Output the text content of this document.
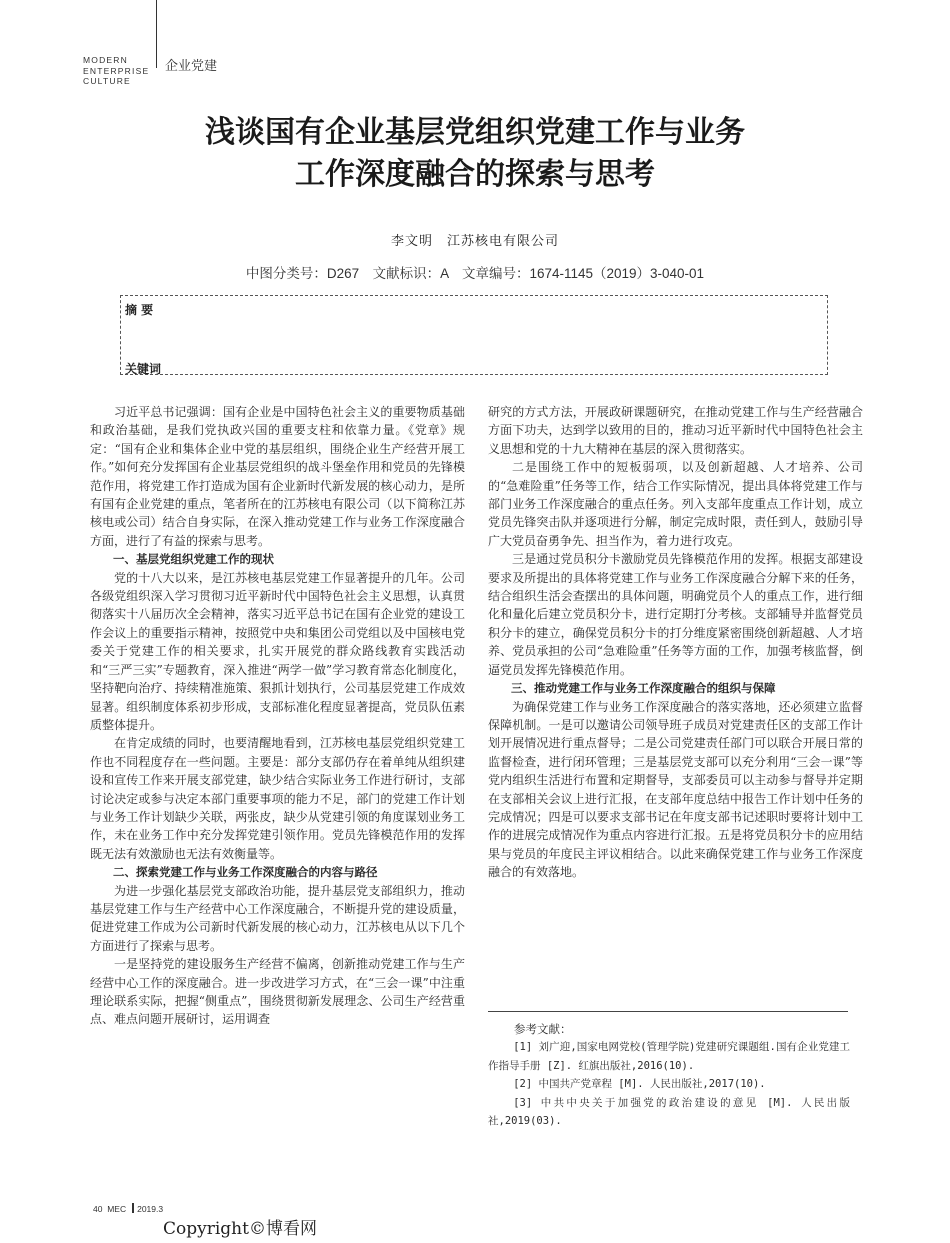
MODERN
ENTERPRISE
CULTURE
企业党建
浅谈国有企业基层党组织党建工作与业务
工作深度融合的探索与思考
李文明　江苏核电有限公司
中图分类号：D267　文献标识：A　文章编号：1674-1145（2019）3-040-01
摘 要
关键词

习近平总书记强调：国有企业是中国特色社会主义的重要物质基础和政治基础，是我们党执政兴国的重要支柱和依靠力量。《党章》规定：“国有企业和集体企业中党的基层组织，围绕企业生产经营开展工作。”如何充分发挥国有企业基层党组织的战斗堡垒作用和党员的先锋模范作用，将党建工作打造成为国有企业新时代新发展的核心动力，是所有国有企业党建的重点，笔者所在的江苏核电有限公司（以下简称江苏核电或公司）结合自身实际，在深入推动党建工作与业务工作深度融合方面，进行了有益的探索与思考。

一、基层党组织党建工作的现状

党的十八大以来，是江苏核电基层党建工作显著提升的几年。公司各级党组织深入学习贯彻习近平新时代中国特色社会主义思想，认真贯彻落实十八届历次全会精神，落实习近平总书记在国有企业党的建设工作会议上的重要指示精神，按照党中央和集团公司党组以及中国核电党委关于党建工作的相关要求，扎实开展党的群众路线教育实践活动和“三严三实”专题教育，深入推进“两学一做”学习教育常态化制度化，坚持靶向治疗、持续精准施策、狠抓计划执行，公司基层党建工作成效显著。组织制度体系初步形成，支部标准化程度显著提高，党员队伍素质整体提升。

在肯定成绩的同时，也要清醒地看到，江苏核电基层党组织党建工作也不同程度存在一些问题。主要是：部分支部仍存在着单纯从组织建设和宣传工作来开展支部党建，缺少结合实际业务工作进行研讨，支部讨论决定或参与决定本部门重要事项的能力不足，部门的党建工作计划与业务工作计划缺少关联，两张皮，缺少从党建引领的角度谋划业务工作，未在业务工作中充分发挥党建引领作用。党员先锋模范作用的发挥既无法有效激励也无法有效衡量等。

二、探索党建工作与业务工作深度融合的内容与路径

为进一步强化基层党支部政治功能，提升基层党支部组织力，推动基层党建工作与生产经营中心工作深度融合，不断提升党的建设质量，促进党建工作成为公司新时代新发展的核心动力，江苏核电从以下几个方面进行了探索与思考。

一是坚持党的建设服务生产经营不偏离，创新推动党建工作与生产经营中心工作的深度融合。进一步改进学习方式，在“三会一课”中注重理论联系实际，把握“侧重点”，围绕贯彻新发展理念、公司生产经营重点、难点问题开展研讨，运用调查

研究的方式方法，开展政研课题研究，在推动党建工作与生产经营融合方面下功夫，达到学以致用的目的，推动习近平新时代中国特色社会主义思想和党的十九大精神在基层的深入贯彻落实。

二是围绕工作中的短板弱项，以及创新超越、人才培养、公司的“急难险重”任务等工作，结合工作实际情况，提出具体将党建工作与部门业务工作深度融合的重点任务。列入支部年度重点工作计划，成立党员先锋突击队并逐项进行分解，制定完成时限，责任到人，鼓励引导广大党员奋勇争先、担当作为，着力进行攻克。

三是通过党员积分卡激励党员先锋模范作用的发挥。根据支部建设要求及所提出的具体将党建工作与业务工作深度融合分解下来的任务，结合组织生活会查摆出的具体问题，明确党员个人的重点工作，进行细化和量化后建立党员积分卡，进行定期打分考核。支部辅导并监督党员积分卡的建立，确保党员积分卡的打分维度紧密围绕创新超越、人才培养、党员承担的公司“急难险重”任务等方面的工作，加强考核监督，倒逼党员发挥先锋模范作用。

三、推动党建工作与业务工作深度融合的组织与保障

为确保党建工作与业务工作深度融合的落实落地，还必须建立监督保障机制。一是可以邀请公司领导班子成员对党建责任区的支部工作计划开展情况进行重点督导；二是公司党建责任部门可以联合开展日常的监督检查，进行闭环管理；三是基层党支部可以充分利用“三会一课”等党内组织生活进行布置和定期督导，支部委员可以主动参与督导并定期在支部相关会议上进行汇报，在支部年度总结中报告工作计划中任务的完成情况；四是可以要求支部书记在年度支部书记述职时要将计划中工作的进展完成情况作为重点内容进行汇报。五是将党员积分卡的应用结果与党员的年度民主评议相结合。以此来确保党建工作与业务工作深度融合的有效落地。

参考文献：

[1] 刘广迎,国家电网党校(管理学院)党建研究课题组.国有企业党建工作指导手册 [Z]. 红旗出版社,2016(10).

[2] 中国共产党章程 [M]. 人民出版社,2017(10).

[3] 中共中央关于加强党的政治建设的意见 [M]. 人民出版社,2019(03).

40 MEC 2019.3
Copyright©博看网
